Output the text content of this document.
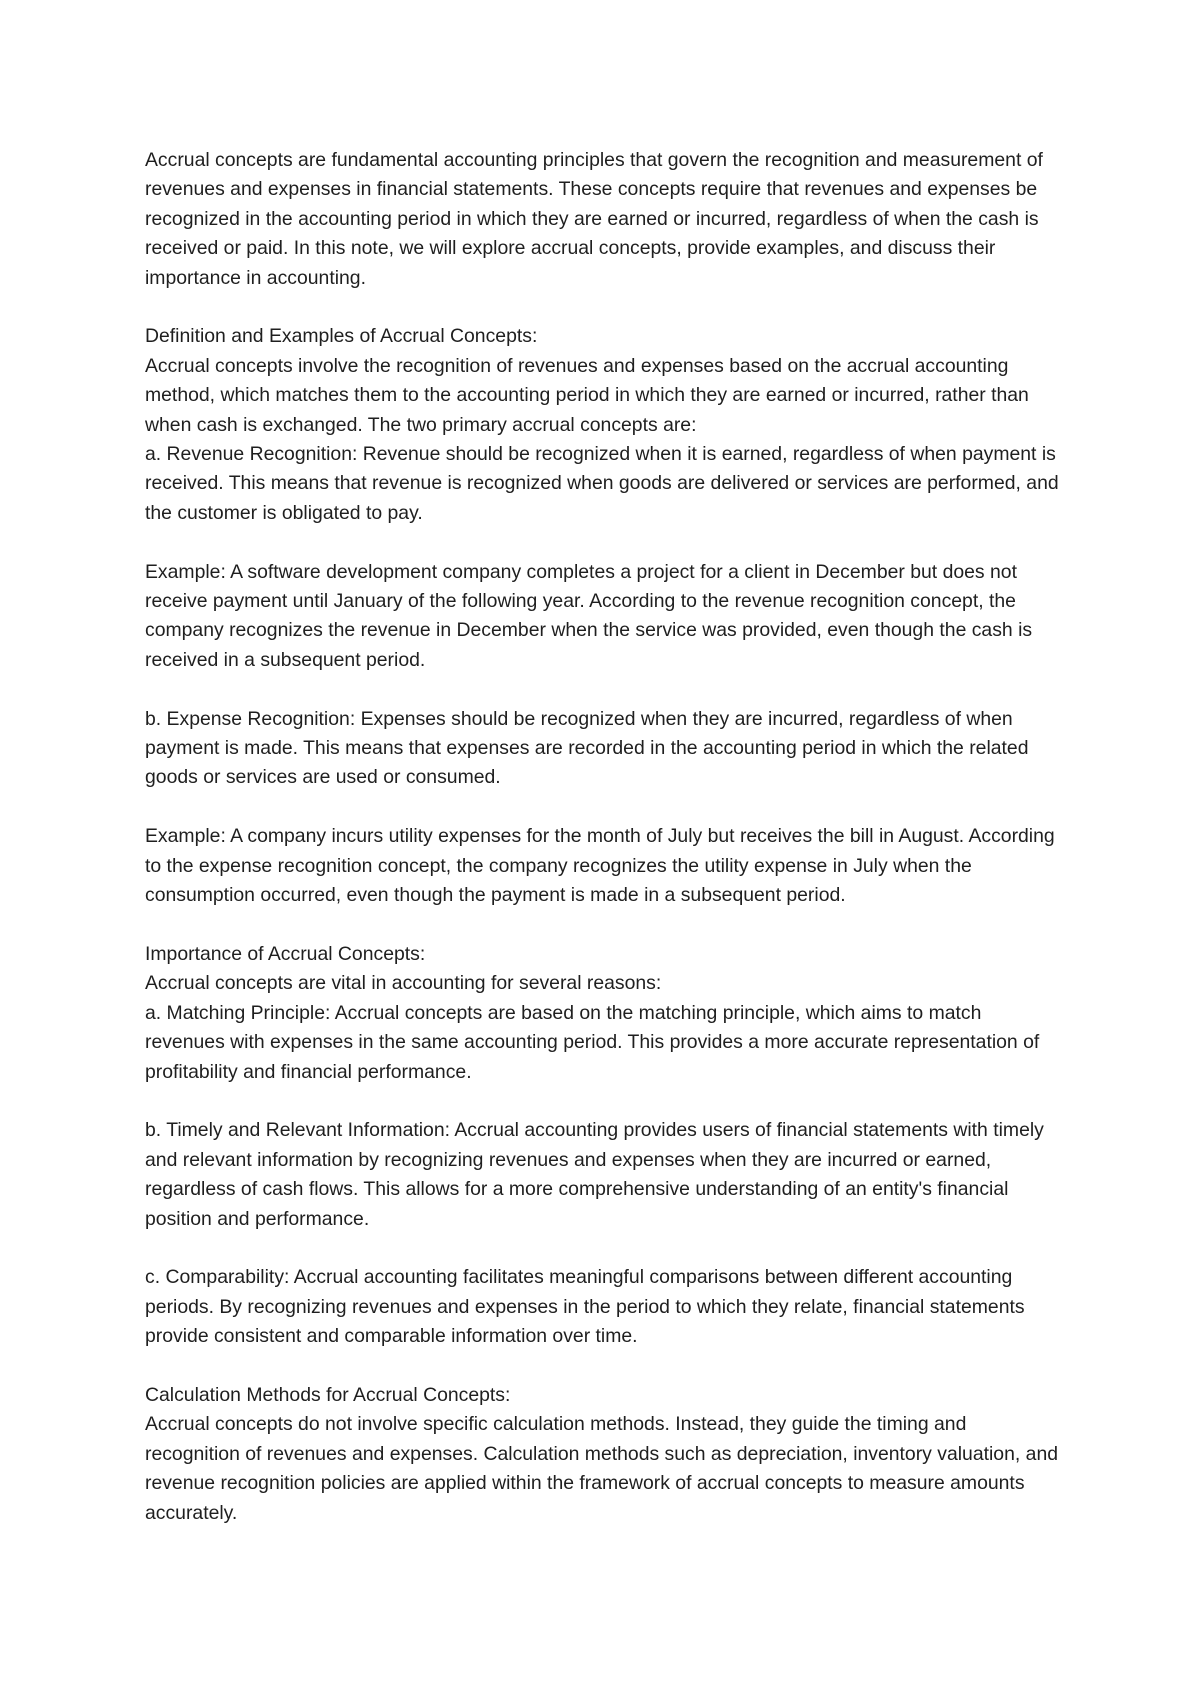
Accrual concepts are fundamental accounting principles that govern the recognition and measurement of revenues and expenses in financial statements. These concepts require that revenues and expenses be recognized in the accounting period in which they are earned or incurred, regardless of when the cash is received or paid. In this note, we will explore accrual concepts, provide examples, and discuss their importance in accounting.

Definition and Examples of Accrual Concepts:

Accrual concepts involve the recognition of revenues and expenses based on the accrual accounting method, which matches them to the accounting period in which they are earned or incurred, rather than when cash is exchanged. The two primary accrual concepts are:

a. Revenue Recognition: Revenue should be recognized when it is earned, regardless of when payment is received. This means that revenue is recognized when goods are delivered or services are performed, and the customer is obligated to pay.

Example: A software development company completes a project for a client in December but does not receive payment until January of the following year. According to the revenue recognition concept, the company recognizes the revenue in December when the service was provided, even though the cash is received in a subsequent period.

b. Expense Recognition: Expenses should be recognized when they are incurred, regardless of when payment is made. This means that expenses are recorded in the accounting period in which the related goods or services are used or consumed.

Example: A company incurs utility expenses for the month of July but receives the bill in August. According to the expense recognition concept, the company recognizes the utility expense in July when the consumption occurred, even though the payment is made in a subsequent period.

Importance of Accrual Concepts:

Accrual concepts are vital in accounting for several reasons:

a. Matching Principle: Accrual concepts are based on the matching principle, which aims to match revenues with expenses in the same accounting period. This provides a more accurate representation of profitability and financial performance.

b. Timely and Relevant Information: Accrual accounting provides users of financial statements with timely and relevant information by recognizing revenues and expenses when they are incurred or earned, regardless of cash flows. This allows for a more comprehensive understanding of an entity's financial position and performance.

c. Comparability: Accrual accounting facilitates meaningful comparisons between different accounting periods. By recognizing revenues and expenses in the period to which they relate, financial statements provide consistent and comparable information over time.

Calculation Methods for Accrual Concepts:

Accrual concepts do not involve specific calculation methods. Instead, they guide the timing and recognition of revenues and expenses. Calculation methods such as depreciation, inventory valuation, and revenue recognition policies are applied within the framework of accrual concepts to measure amounts accurately.
